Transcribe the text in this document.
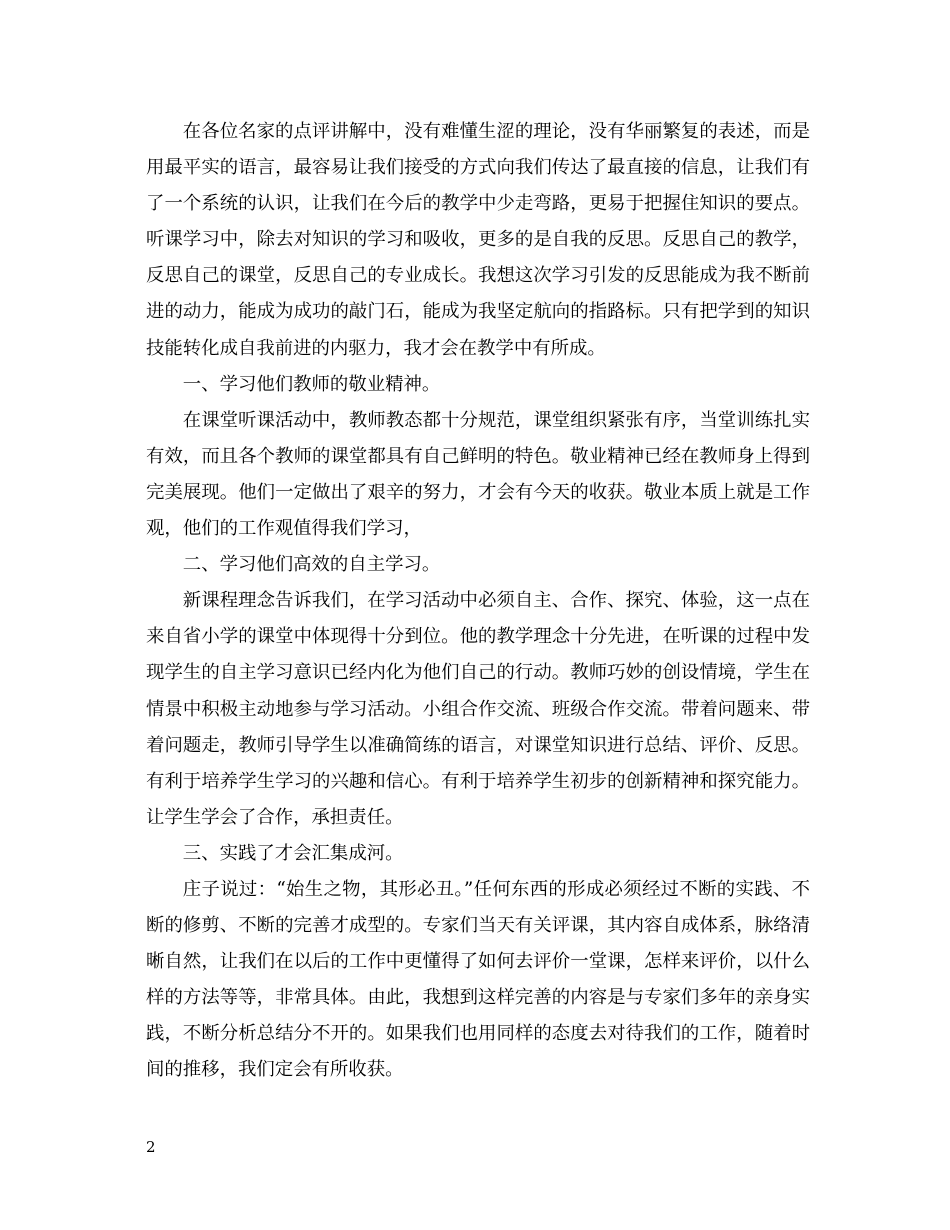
在各位名家的点评讲解中，没有难懂生涩的理论，没有华丽繁复的表述，而是用最平实的语言，最容易让我们接受的方式向我们传达了最直接的信息，让我们有了一个系统的认识，让我们在今后的教学中少走弯路，更易于把握住知识的要点。听课学习中，除去对知识的学习和吸收，更多的是自我的反思。反思自己的教学，反思自己的课堂，反思自己的专业成长。我想这次学习引发的反思能成为我不断前进的动力，能成为成功的敲门石，能成为我坚定航向的指路标。只有把学到的知识技能转化成自我前进的内驱力，我才会在教学中有所成。

一、学习他们教师的敬业精神。

在课堂听课活动中，教师教态都十分规范，课堂组织紧张有序，当堂训练扎实有效，而且各个教师的课堂都具有自己鲜明的特色。敬业精神已经在教师身上得到完美展现。他们一定做出了艰辛的努力，才会有今天的收获。敬业本质上就是工作观，他们的工作观值得我们学习，

二、学习他们高效的自主学习。

新课程理念告诉我们，在学习活动中必须自主、合作、探究、体验，这一点在来自省小学的课堂中体现得十分到位。他的教学理念十分先进，在听课的过程中发现学生的自主学习意识已经内化为他们自己的行动。教师巧妙的创设情境，学生在情景中积极主动地参与学习活动。小组合作交流、班级合作交流。带着问题来、带着问题走，教师引导学生以准确简练的语言，对课堂知识进行总结、评价、反思。有利于培养学生学习的兴趣和信心。有利于培养学生初步的创新精神和探究能力。让学生学会了合作，承担责任。

三、实践了才会汇集成河。

庄子说过：“始生之物，其形必丑。”任何东西的形成必须经过不断的实践、不断的修剪、不断的完善才成型的。专家们当天有关评课，其内容自成体系，脉络清晰自然，让我们在以后的工作中更懂得了如何去评价一堂课，怎样来评价，以什么样的方法等等，非常具体。由此，我想到这样完善的内容是与专家们多年的亲身实践，不断分析总结分不开的。如果我们也用同样的态度去对待我们的工作，随着时间的推移，我们定会有所收获。

2
